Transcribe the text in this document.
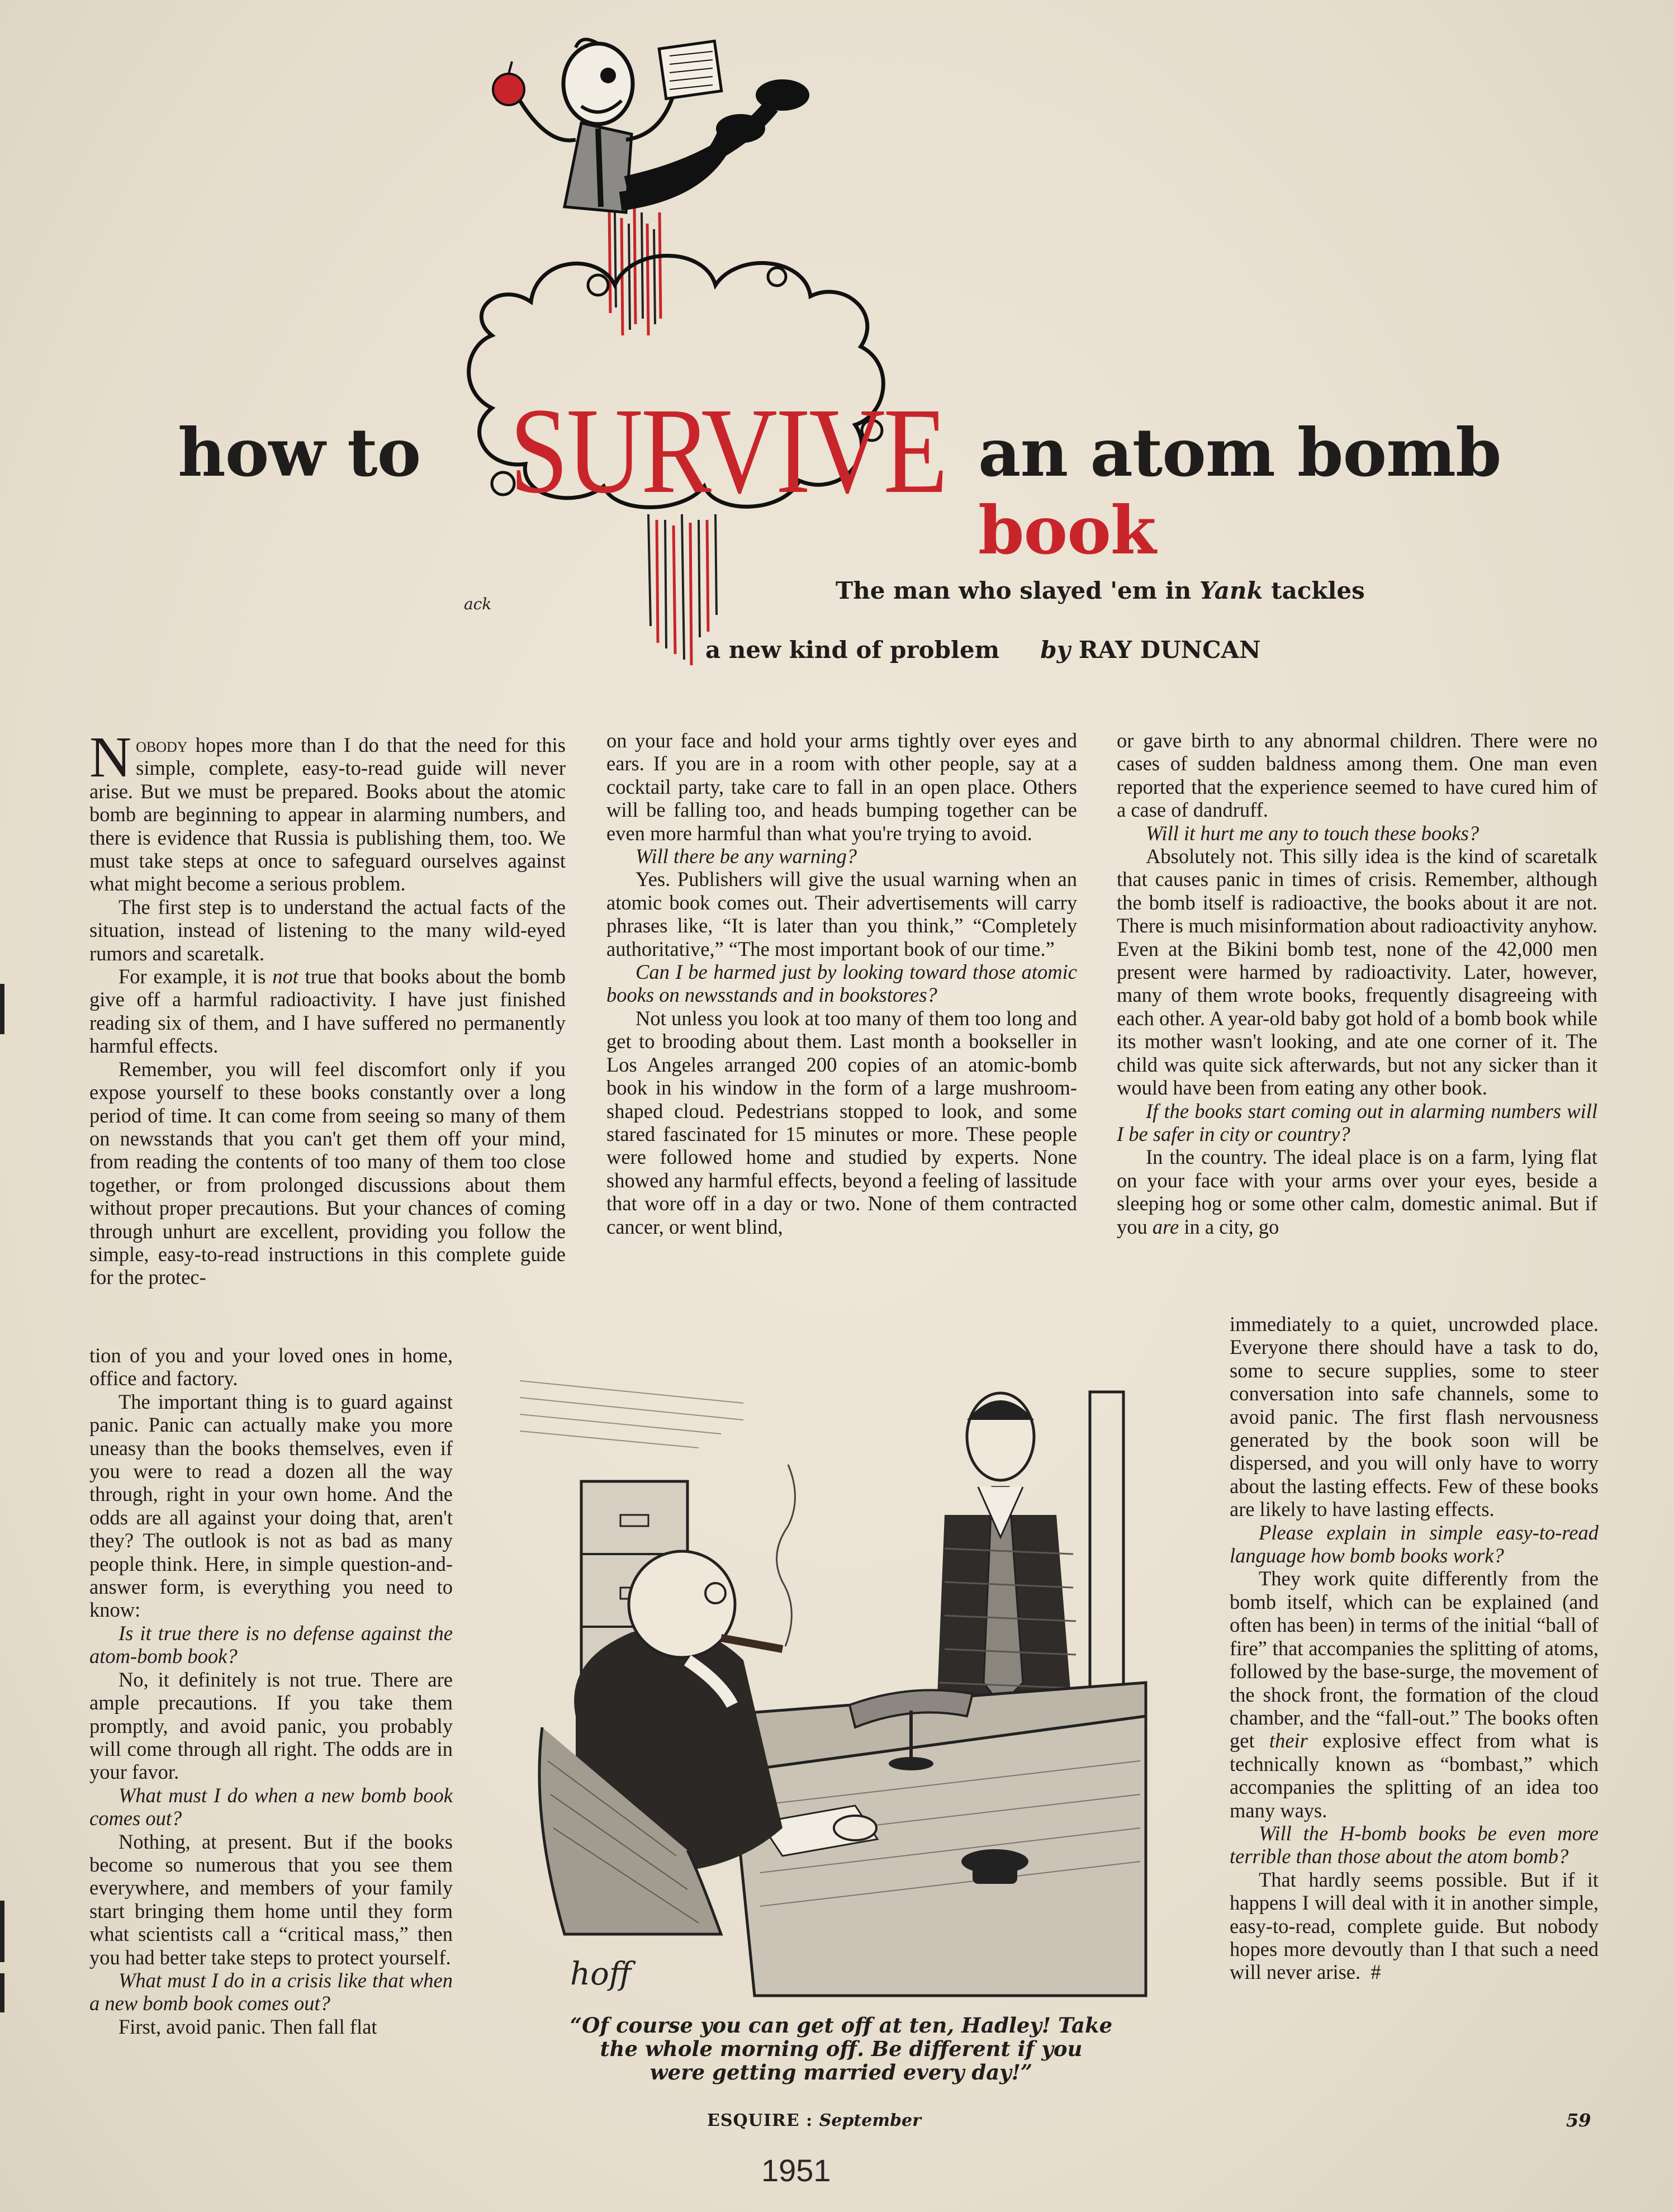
ack
how to SURVIVE an atom bomb book
The man who slayed 'em in Yank tackles
a new kind of problem by RAY DUNCAN

Nobody hopes more than I do that the need for this simple, complete, easy-to-read guide will never arise. But we must be prepared. Books about the atomic bomb are beginning to appear in alarming numbers, and there is evidence that Russia is publishing them, too. We must take steps at once to safeguard ourselves against what might become a serious problem.

The first step is to understand the actual facts of the situation, instead of listening to the many wild-eyed rumors and scaretalk.

For example, it is not true that books about the bomb give off a harmful radioactivity. I have just finished reading six of them, and I have suffered no permanently harmful effects.

Remember, you will feel discomfort only if you expose yourself to these books constantly over a long period of time. It can come from seeing so many of them on newsstands that you can't get them off your mind, from reading the contents of too many of them too close together, or from prolonged discussions about them without proper precautions. But your chances of coming through unhurt are excellent, providing you follow the simple, easy-to-read instructions in this complete guide for the protec-

tion of you and your loved ones in home, office and factory.

The important thing is to guard against panic. Panic can actually make you more uneasy than the books themselves, even if you were to read a dozen all the way through, right in your own home. And the odds are all against your doing that, aren't they? The outlook is not as bad as many people think. Here, in simple question-and-answer form, is everything you need to know:

Is it true there is no defense against the atom-bomb book?

No, it definitely is not true. There are ample precautions. If you take them promptly, and avoid panic, you probably will come through all right. The odds are in your favor.

What must I do when a new bomb book comes out?

Nothing, at present. But if the books become so numerous that you see them everywhere, and members of your family start bringing them home until they form what scientists call a “critical mass,” then you had better take steps to protect yourself.

What must I do in a crisis like that when a new bomb book comes out?

First, avoid panic. Then fall flat

on your face and hold your arms tightly over eyes and ears. If you are in a room with other people, say at a cocktail party, take care to fall in an open place. Others will be falling too, and heads bumping together can be even more harmful than what you're trying to avoid.

Will there be any warning?

Yes. Publishers will give the usual warning when an atomic book comes out. Their advertisements will carry phrases like, “It is later than you think,” “Completely authoritative,” “The most important book of our time.”

Can I be harmed just by looking toward those atomic books on newsstands and in bookstores?

Not unless you look at too many of them too long and get to brooding about them. Last month a bookseller in Los Angeles arranged 200 copies of an atomic-bomb book in his window in the form of a large mushroom-shaped cloud. Pedestrians stopped to look, and some stared fascinated for 15 minutes or more. These people were followed home and studied by experts. None showed any harmful effects, beyond a feeling of lassitude that wore off in a day or two. None of them contracted cancer, or went blind,

or gave birth to any abnormal children. There were no cases of sudden baldness among them. One man even reported that the experience seemed to have cured him of a case of dandruff.

Will it hurt me any to touch these books?

Absolutely not. This silly idea is the kind of scaretalk that causes panic in times of crisis. Remember, although the bomb itself is radioactive, the books about it are not. There is much misinformation about radioactivity anyhow. Even at the Bikini bomb test, none of the 42,000 men present were harmed by radioactivity. Later, however, many of them wrote books, frequently disagreeing with each other. A year-old baby got hold of a bomb book while its mother wasn't looking, and ate one corner of it. The child was quite sick afterwards, but not any sicker than it would have been from eating any other book.

If the books start coming out in alarming numbers will I be safer in city or country?

In the country. The ideal place is on a farm, lying flat on your face with your arms over your eyes, beside a sleeping hog or some other calm, domestic animal. But if you are in a city, go

immediately to a quiet, uncrowded place. Everyone there should have a task to do, some to secure supplies, some to steer conversation into safe channels, some to avoid panic. The first flash nervousness generated by the book soon will be dispersed, and you will only have to worry about the lasting effects. Few of these books are likely to have lasting effects.

Please explain in simple easy-to-read language how bomb books work?

They work quite differently from the bomb itself, which can be explained (and often has been) in terms of the initial “ball of fire” that accompanies the splitting of atoms, followed by the base-surge, the movement of the shock front, the formation of the cloud chamber, and the “fall-out.” The books often get their explosive effect from what is technically known as “bombast,” which accompanies the splitting of an idea too many ways.

Will the H-bomb books be even more terrible than those about the atom bomb?

That hardly seems possible. But if it happens I will deal with it in another simple, easy-to-read, complete guide. But nobody hopes more devoutly than I that such a need will never arise. #

hoff
“Of course you can get off at ten, Hadley! Take
the whole morning off. Be different if you
were getting married every day!”
ESQUIRE : September	59
1951
